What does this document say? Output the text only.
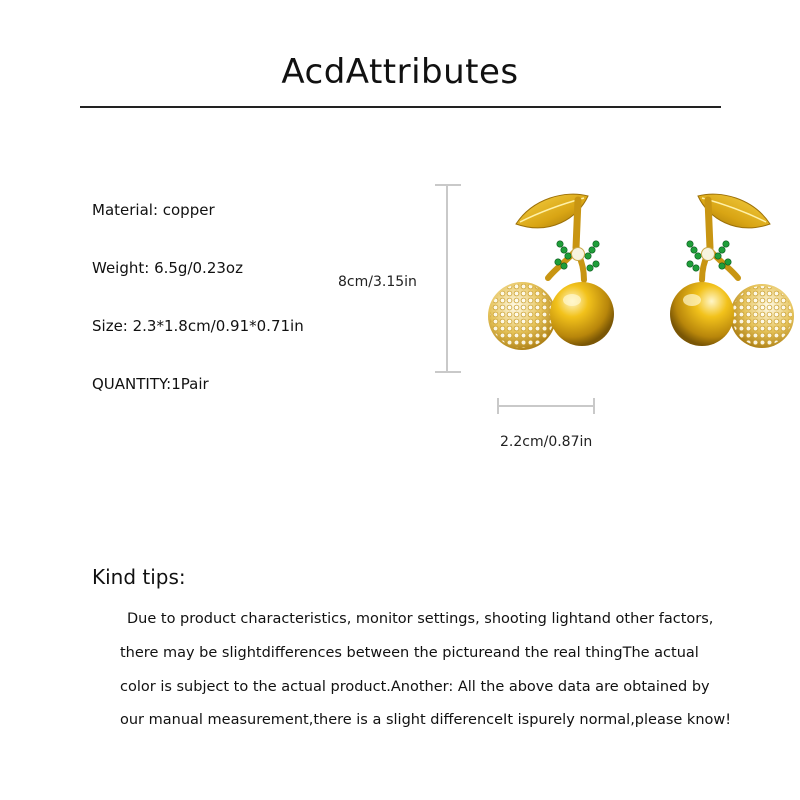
AcdAttributes
Material: copper
Weight: 6.5g/0.23oz
Size: 2.3*1.8cm/0.91*0.71in
QUANTITY:1Pair
8cm/3.15in
2.2cm/0.87in
Kind tips:
Due to product characteristics, monitor settings, shooting lightand other factors,
there may be slightdifferences between the pictureand the real thingThe actual
color is subject to the actual product.Another: All the above data are obtained by
our manual measurement,there is a slight differenceIt ispurely normal,please know!
